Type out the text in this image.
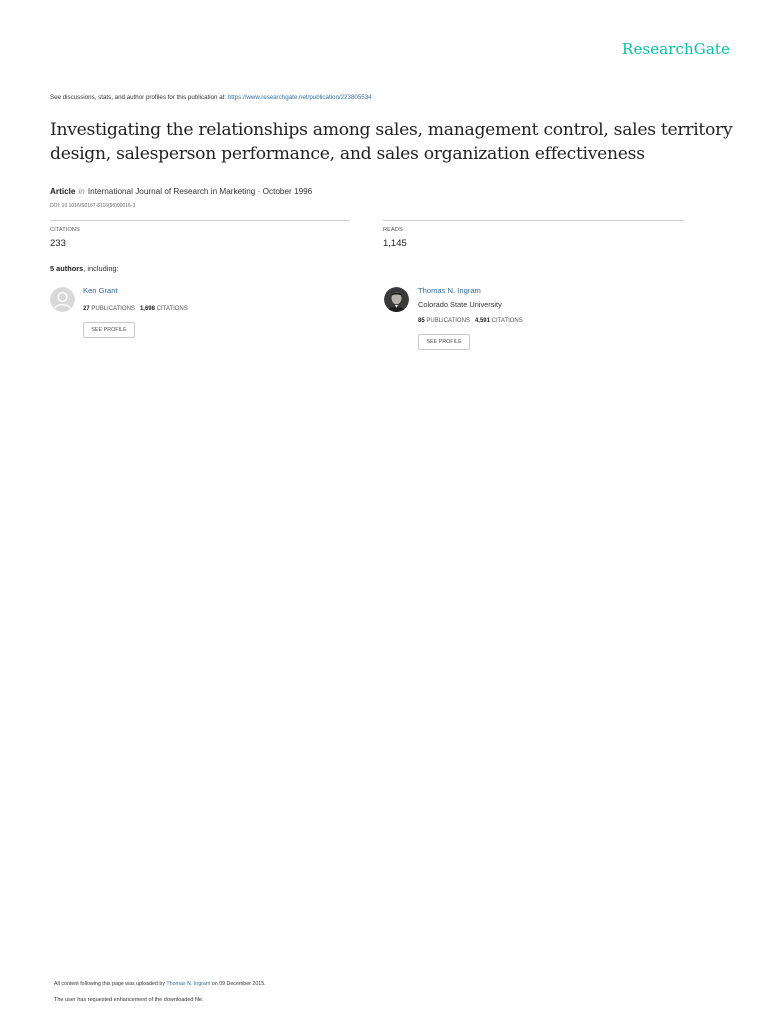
ResearchGate
See discussions, stats, and author profiles for this publication at: https://www.researchgate.net/publication/223805534
Investigating the relationships among sales, management control, sales territory design, salesperson performance, and sales organization effectiveness
Article in International Journal of Research in Marketing · October 1996
DOI: 10.1016/S0167-8116(96)00016-3
CITATIONS
233
READS
1,145
5 authors, including:
Ken Grant
27 PUBLICATIONS 1,698 CITATIONS
SEE PROFILE
Thomas N. Ingram
Colorado State University
85 PUBLICATIONS 4,591 CITATIONS
SEE PROFILE
All content following this page was uploaded by Thomas N. Ingram on 09 December 2015.
The user has requested enhancement of the downloaded file.
